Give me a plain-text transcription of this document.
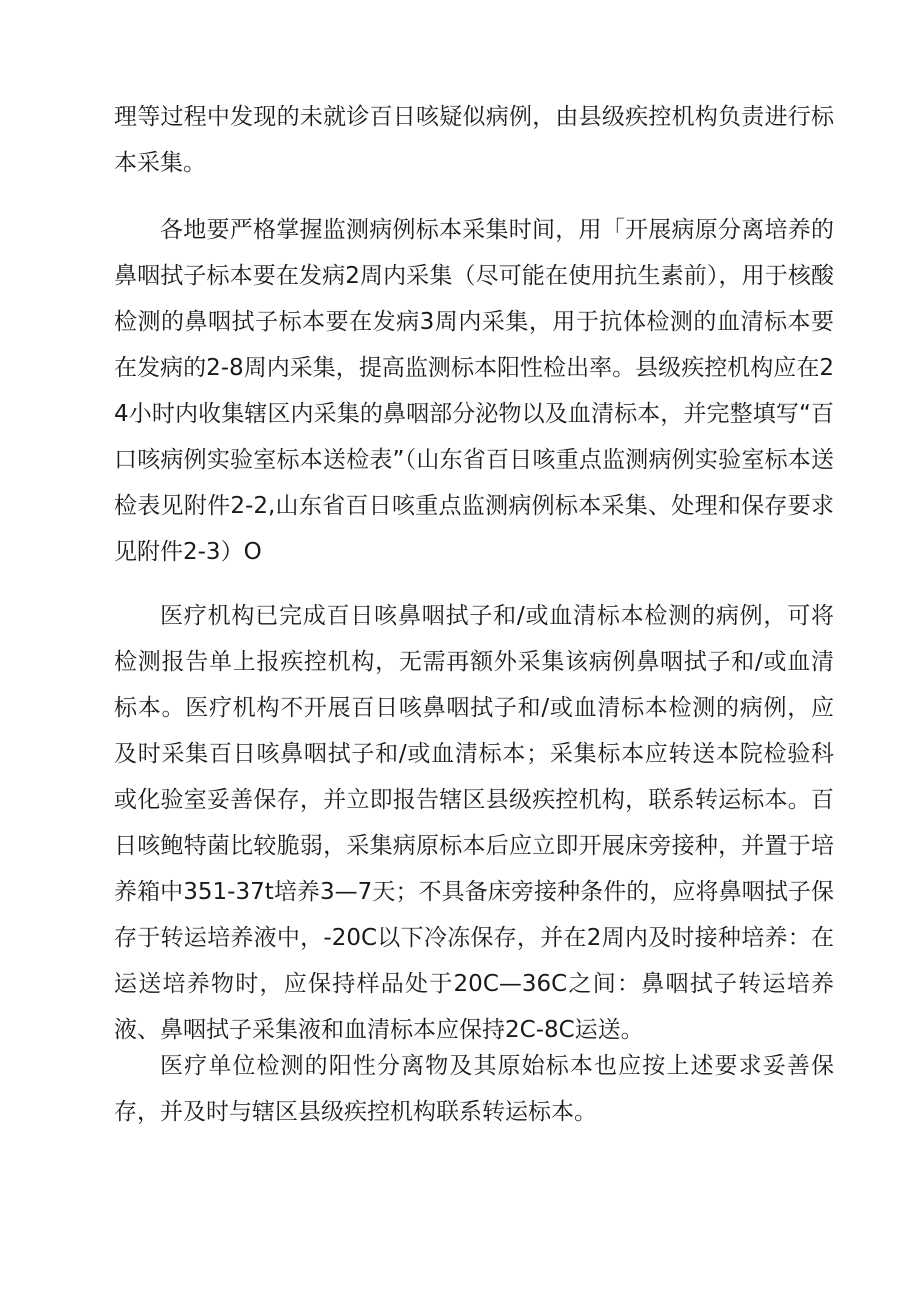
理等过程中发现的未就诊百日咳疑似病例，由县级疾控机构负责进行标本采集。

各地要严格掌握监测病例标本采集时间，用「开展病原分离培养的鼻咽拭子标本要在发病2周内采集（尽可能在使用抗生素前），用于核酸检测的鼻咽拭子标本要在发病3周内采集，用于抗体检测的血清标本要在发病的2-8周内采集，提高监测标本阳性检出率。县级疾控机构应在24小时内收集辖区内采集的鼻咽部分泌物以及血清标本，并完整填写“百口咳病例实验室标本送检表”（山东省百日咳重点监测病例实验室标本送检表见附件2-2,山东省百日咳重点监测病例标本采集、处理和保存要求见附件2-3）O

医疗机构已完成百日咳鼻咽拭子和/或血清标本检测的病例，可将检测报告单上报疾控机构，无需再额外采集该病例鼻咽拭子和/或血清标本。医疗机构不开展百日咳鼻咽拭子和/或血清标本检测的病例，应及时采集百日咳鼻咽拭子和/或血清标本；采集标本应转送本院检验科或化验室妥善保存，并立即报告辖区县级疾控机构，联系转运标本。百日咳鲍特菌比较脆弱，采集病原标本后应立即开展床旁接种，并置于培养箱中351-37t培养3—7天；不具备床旁接种条件的，应将鼻咽拭子保存于转运培养液中，-20C以下冷冻保存，并在2周内及时接种培养：在运送培养物时，应保持样品处于20C—36C之间：鼻咽拭子转运培养液、鼻咽拭子采集液和血清标本应保持2C-8C运送。

医疗单位检测的阳性分离物及其原始标本也应按上述要求妥善保存，并及时与辖区县级疾控机构联系转运标本。
